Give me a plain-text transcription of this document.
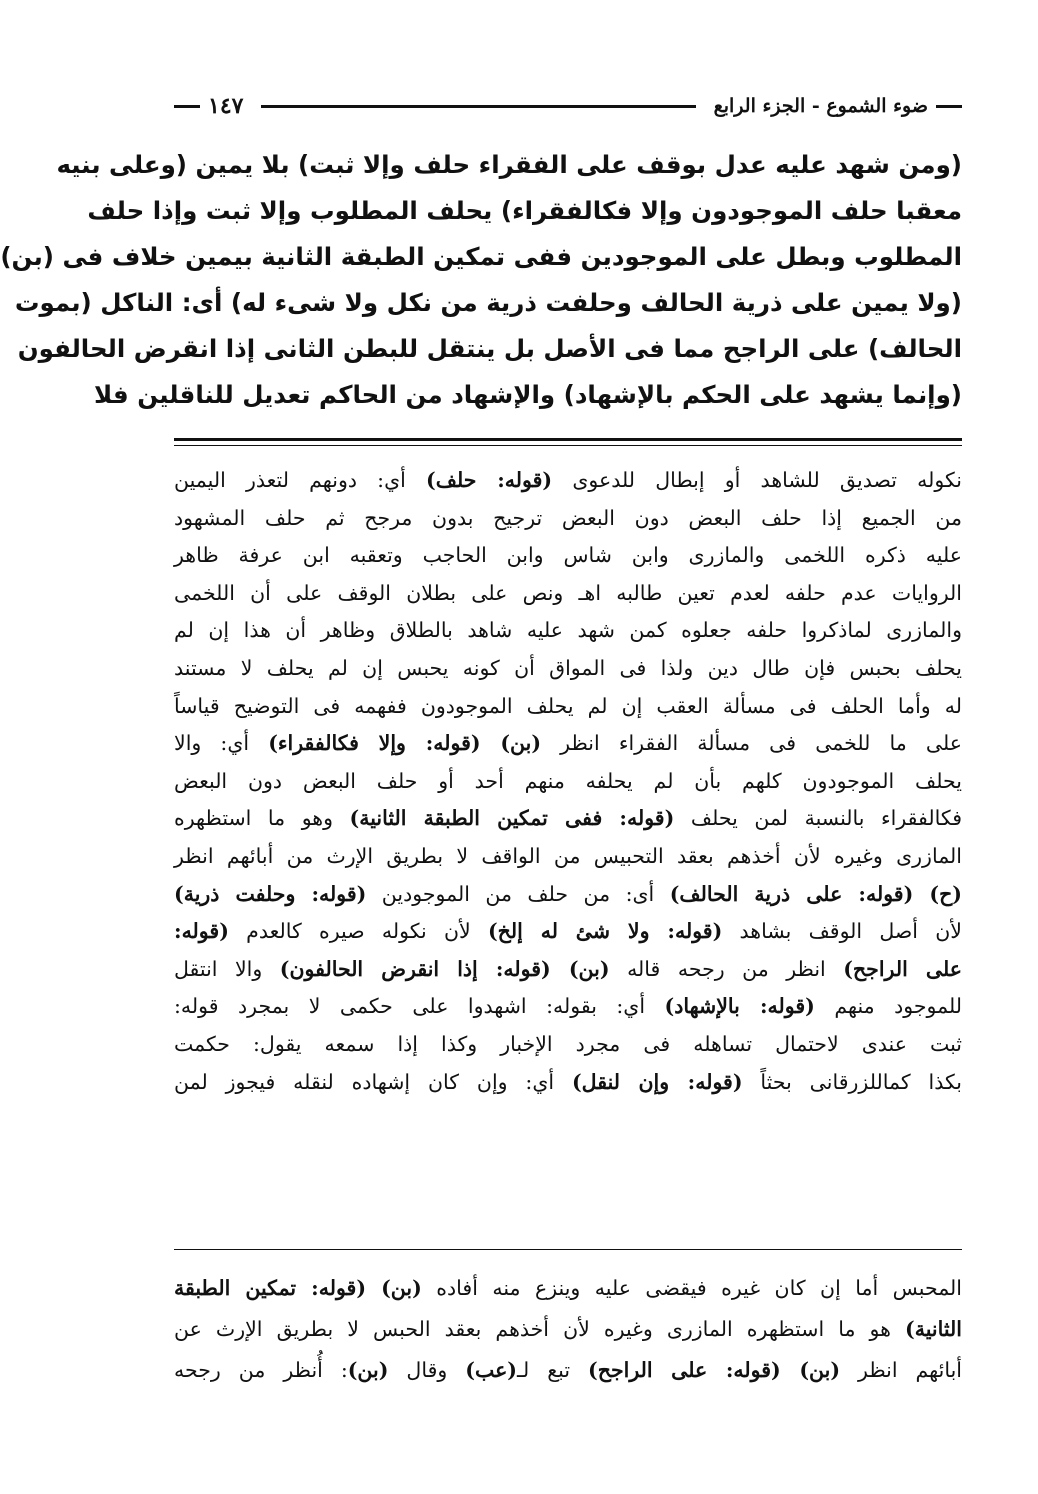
ضوء الشموع - الجزء الرابع
١٤٧
(ومن شهد عليه عدل بوقف على الفقراء حلف وإلا ثبت) بلا يمين (وعلى بنيه
معقبا حلف الموجودون وإلا فكالفقراء) يحلف المطلوب وإلا ثبت وإذا حلف
المطلوب وبطل على الموجودين ففى تمكين الطبقة الثانية بيمين خلاف فى (بن)
(ولا يمين على ذرية الحالف وحلفت ذرية من نكل ولا شىء له) أى: الناكل (بموت
الحالف) على الراجح مما فى الأصل بل ينتقل للبطن الثانى إذا انقرض الحالفون
(وإنما يشهد على الحكم بالإشهاد) والإشهاد من الحاكم تعديل للناقلين فلا
نكوله تصديق للشاهد أو إبطال للدعوى (قوله: حلف) أي: دونهم لتعذر اليمين
من الجميع إذا حلف البعض دون البعض ترجيح بدون مرجح ثم حلف المشهود
عليه ذكره اللخمى والمازرى وابن شاس وابن الحاجب وتعقبه ابن عرفة ظاهر
الروايات عدم حلفه لعدم تعين طالبه اهـ ونص على بطلان الوقف على أن اللخمى
والمازرى لماذكروا حلفه جعلوه كمن شهد عليه شاهد بالطلاق وظاهر أن هذا إن لم
يحلف بحبس فإن طال دين ولذا فى المواق أن كونه يحبس إن لم يحلف لا مستند
له وأما الحلف فى مسألة العقب إن لم يحلف الموجودون ففهمه فى التوضيح قياساً
على ما للخمى فى مسألة الفقراء انظر (بن) (قوله: وإلا فكالفقراء) أي: والا
يحلف الموجودون كلهم بأن لم يحلفه منهم أحد أو حلف البعض دون البعض
فكالفقراء بالنسبة لمن يحلف (قوله: ففى تمكين الطبقة الثانية) وهو ما استظهره
المازرى وغيره لأن أخذهم بعقد التحبيس من الواقف لا بطريق الإرث من أبائهم انظر
(ح) (قوله: على ذرية الحالف) أى: من حلف من الموجودين (قوله: وحلفت ذرية)
لأن أصل الوقف بشاهد (قوله: ولا شئ له إلخ) لأن نكوله صيره كالعدم (قوله:
على الراجح) انظر من رجحه قاله (بن) (قوله: إذا انقرض الحالفون) والا انتقل
للموجود منهم (قوله: بالإشهاد) أي: بقوله: اشهدوا على حكمى لا بمجرد قوله:
ثبت عندى لاحتمال تساهله فى مجرد الإخبار وكذا إذا سمعه يقول: حكمت
بكذا كماللزرقانى بحثاً (قوله: وإن لنقل) أي: وإن كان إشهاده لنقله فيجوز لمن
المحبس أما إن كان غيره فيقضى عليه وينزع منه أفاده (بن) (قوله: تمكين الطبقة
الثانية) هو ما استظهره المازرى وغيره لأن أخذهم بعقد الحبس لا بطريق الإرث عن
أبائهم انظر (بن) (قوله: على الراجح) تبع لـ(عب) وقال (بن): أُنظر من رجحه
